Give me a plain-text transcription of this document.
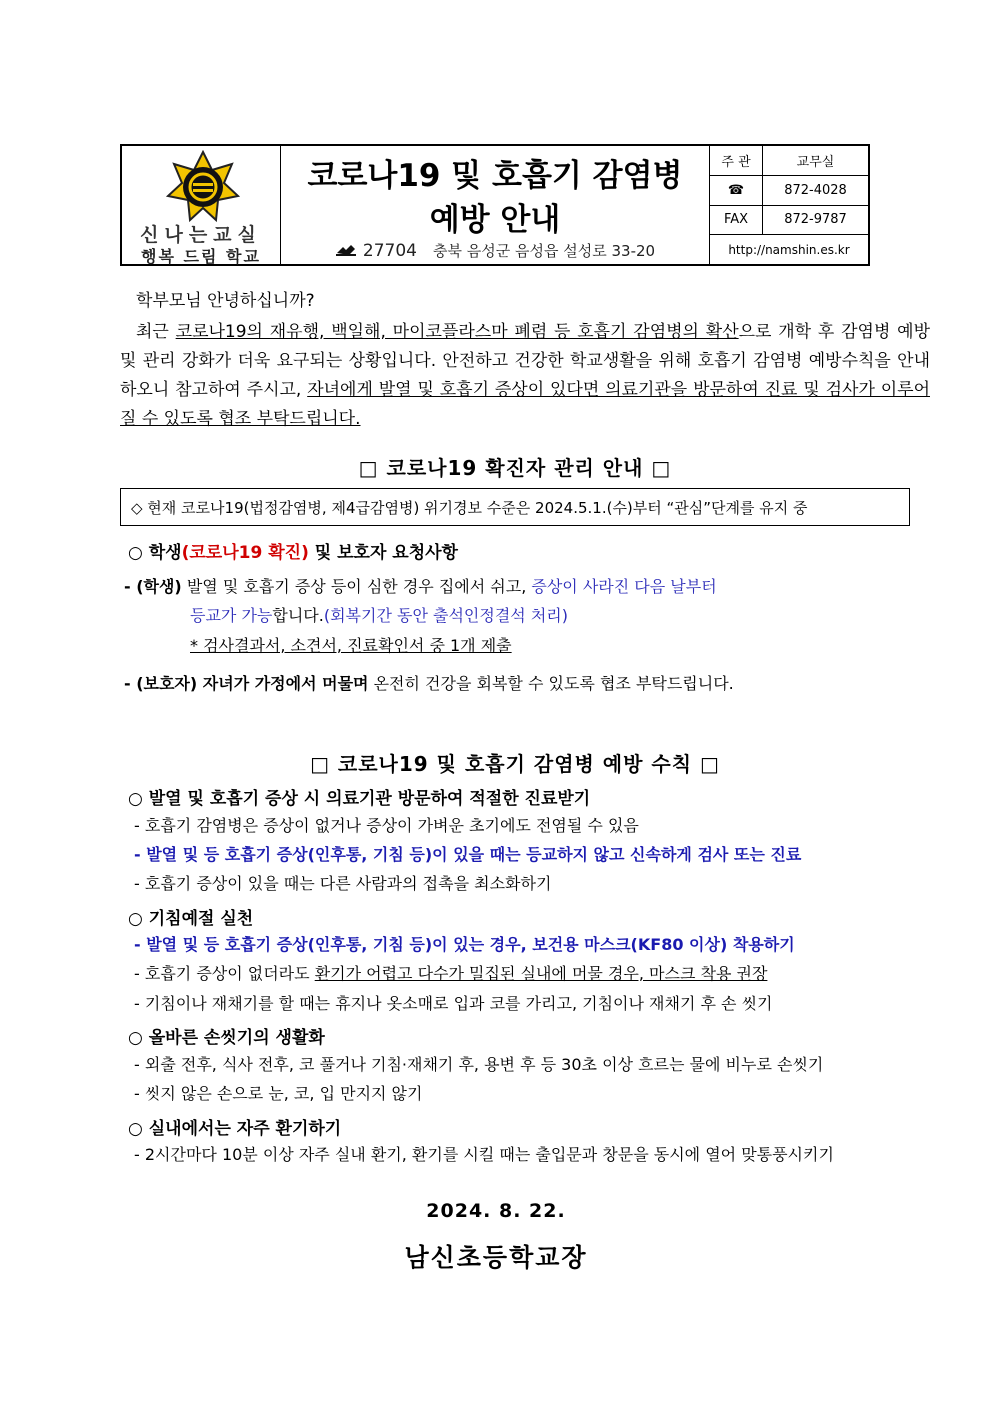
신나는교실
행복 드림 학교
코로나19 및 호흡기 감염병
예방 안내
27704 충북 음성군 음성읍 설성로 33-20
주 관	교무실
☎	872-4028
FAX	872-9787
http://namshin.es.kr
학부모님 안녕하십니까?
최근 코로나19의 재유행, 백일해, 마이코플라스마 폐렴 등 호흡기 감염병의 확산으로 개학 후 감염병 예방 및 관리 강화가 더욱 요구되는 상황입니다. 안전하고 건강한 학교생활을 위해 호흡기 감염병 예방수칙을 안내하오니 참고하여 주시고, 자녀에게 발열 및 호흡기 증상이 있다면 의료기관을 방문하여 진료 및 검사가 이루어질 수 있도록 협조 부탁드립니다.
□ 코로나19 확진자 관리 안내 □
◇ 현재 코로나19(법정감염병, 제4급감염병) 위기경보 수준은 2024.5.1.(수)부터 “관심”단계를 유지 중
○ 학생(코로나19 확진) 및 보호자 요청사항
- (학생) 발열 및 호흡기 증상 등이 심한 경우 집에서 쉬고, 증상이 사라진 다음 날부터
등교가 가능합니다.(회복기간 동안 출석인정결석 처리)
* 검사결과서, 소견서, 진료확인서 중 1개 제출
- (보호자) 자녀가 가정에서 머물며 온전히 건강을 회복할 수 있도록 협조 부탁드립니다.
□ 코로나19 및 호흡기 감염병 예방 수칙 □
○ 발열 및 호흡기 증상 시 의료기관 방문하여 적절한 진료받기
- 호흡기 감염병은 증상이 없거나 증상이 가벼운 초기에도 전염될 수 있음
- 발열 및 등 호흡기 증상(인후통, 기침 등)이 있을 때는 등교하지 않고 신속하게 검사 또는 진료
- 호흡기 증상이 있을 때는 다른 사람과의 접촉을 최소화하기
○ 기침예절 실천
- 발열 및 등 호흡기 증상(인후통, 기침 등)이 있는 경우, 보건용 마스크(KF80 이상) 착용하기
- 호흡기 증상이 없더라도 환기가 어렵고 다수가 밀집된 실내에 머물 경우, 마스크 착용 권장
- 기침이나 재채기를 할 때는 휴지나 옷소매로 입과 코를 가리고, 기침이나 재채기 후 손 씻기
○ 올바른 손씻기의 생활화
- 외출 전후, 식사 전후, 코 풀거나 기침·재채기 후, 용변 후 등 30초 이상 흐르는 물에 비누로 손씻기
- 씻지 않은 손으로 눈, 코, 입 만지지 않기
○ 실내에서는 자주 환기하기
- 2시간마다 10분 이상 자주 실내 환기, 환기를 시킬 때는 출입문과 창문을 동시에 열어 맞통풍시키기
2024. 8. 22.
남신초등학교장
